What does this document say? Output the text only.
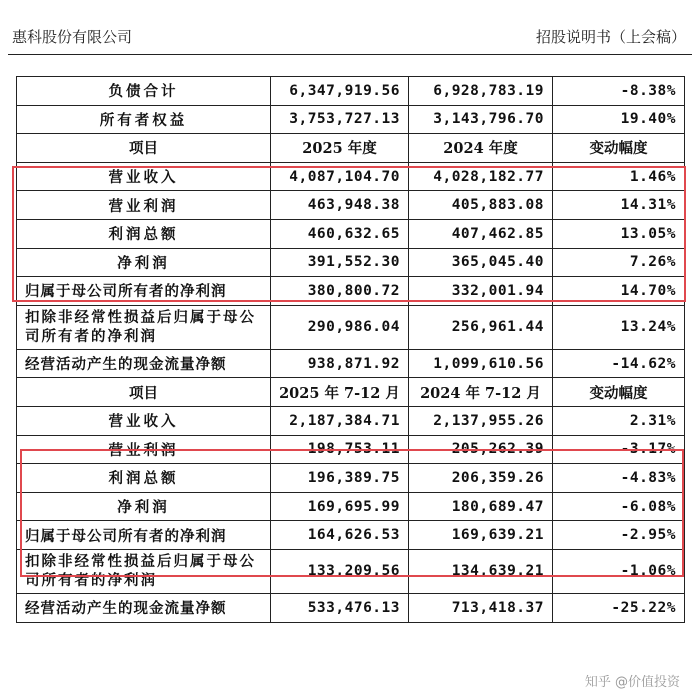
惠科股份有限公司	招股说明书（上会稿）
负债合计	6,347,919.56	6,928,783.19	-8.38%
所有者权益	3,753,727.13	3,143,796.70	19.40%
项目	2025 年度	2024 年度	变动幅度
营业收入	4,087,104.70	4,028,182.77	1.46%
营业利润	463,948.38	405,883.08	14.31%
利润总额	460,632.65	407,462.85	13.05%
净利润	391,552.30	365,045.40	7.26%
归属于母公司所有者的净利润	380,800.72	332,001.94	14.70%
扣除非经常性损益后归属于母公司所有者的净利润	290,986.04	256,961.44	13.24%
经营活动产生的现金流量净额	938,871.92	1,099,610.56	-14.62%
项目	2025 年 7-12 月	2024 年 7-12 月	变动幅度
营业收入	2,187,384.71	2,137,955.26	2.31%
营业利润	198,753.11	205,262.39	-3.17%
利润总额	196,389.75	206,359.26	-4.83%
净利润	169,695.99	180,689.47	-6.08%
归属于母公司所有者的净利润	164,626.53	169,639.21	-2.95%
扣除非经常性损益后归属于母公司所有者的净利润	133,209.56	134,639.21	-1.06%
经营活动产生的现金流量净额	533,476.13	713,418.37	-25.22%
知乎 @价值投资
